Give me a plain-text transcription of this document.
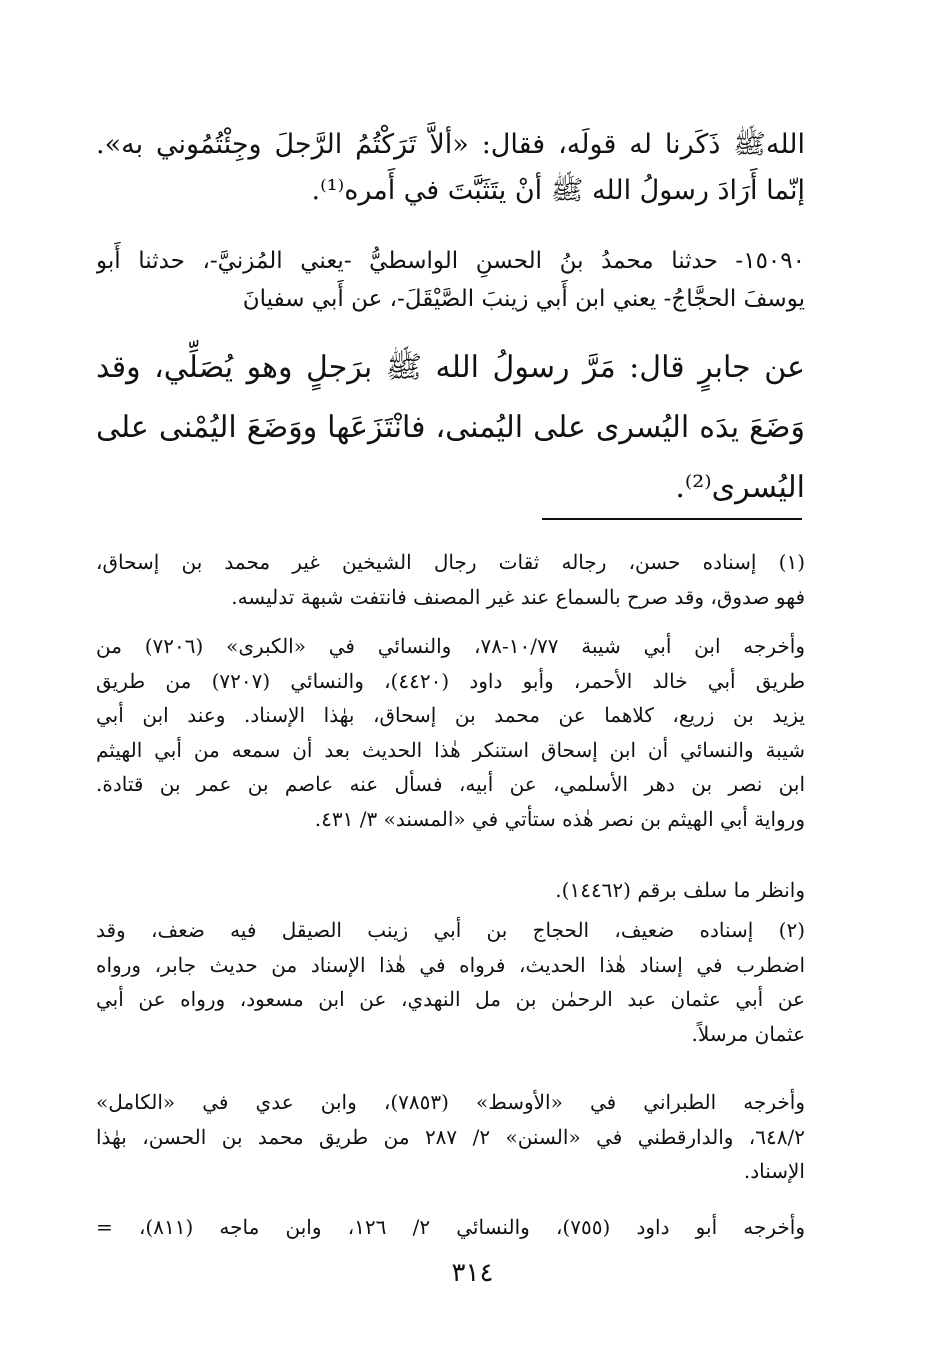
اللهﷺ ذَكَرنا له قولَه، فقال: «ألاَّ تَرَكْتُمُ الرَّجلَ وجِئْتُمُوني به».
إنّما أَرَادَ رسولُ الله ﷺ أنْ يتَثَبَّتَ في أَمره⁽¹⁾.
١٥٠٩٠- حدثنا محمدُ بنُ الحسنِ الواسطيُّ -يعني المُزنيَّ-، حدثنا أَبو
يوسفَ الحجَّاجُ- يعني ابن أَبي زينبَ الصَّيْقَلَ-، عن أَبي سفيانَ
عن جابرٍ قال: مَرَّ رسولُ الله ﷺ برَجلٍ وهو يُصَلِّي، وقد
وَضَعَ يدَه اليُسرى على اليُمنى، فانْتَزَعَها ووَضَعَ اليُمْنى على
اليُسرى⁽²⁾.
(١) إسناده حسن، رجاله ثقات رجال الشيخين غير محمد بن إسحاق،
فهو صدوق، وقد صرح بالسماع عند غير المصنف فانتفت شبهة تدليسه.
وأخرجه ابن أبي شيبة ١٠/٧٧-٧٨، والنسائي في «الكبرى» (٧٢٠٦) من
طريق أبي خالد الأحمر، وأبو داود (٤٤٢٠)، والنسائي (٧٢٠٧) من طريق
يزيد بن زريع، كلاهما عن محمد بن إسحاق، بهٰذا الإسناد. وعند ابن أبي
شيبة والنسائي أن ابن إسحاق استنكر هٰذا الحديث بعد أن سمعه من أبي الهيثم
ابن نصر بن دهر الأسلمي، عن أبيه، فسأل عنه عاصم بن عمر بن قتادة.
ورواية أبي الهيثم بن نصر هٰذه ستأتي في «المسند» ٣/ ٤٣١.
وانظر ما سلف برقم (١٤٤٦٢).
(٢) إسناده ضعيف، الحجاج بن أبي زينب الصيقل فيه ضعف، وقد
اضطرب في إسناد هٰذا الحديث، فرواه في هٰذا الإسناد من حديث جابر، ورواه
عن أبي عثمان عبد الرحمٰن بن مل النهدي، عن ابن مسعود، ورواه عن أبي
عثمان مرسلاً.
وأخرجه الطبراني في «الأوسط» (٧٨٥٣)، وابن عدي في «الكامل»
٦٤٨/٢، والدارقطني في «السنن» ٢/ ٢٨٧ من طريق محمد بن الحسن، بهٰذا
الإسناد.
وأخرجه أبو داود (٧٥٥)، والنسائي ٢/ ١٢٦، وابن ماجه (٨١١)، =
٣١٤
